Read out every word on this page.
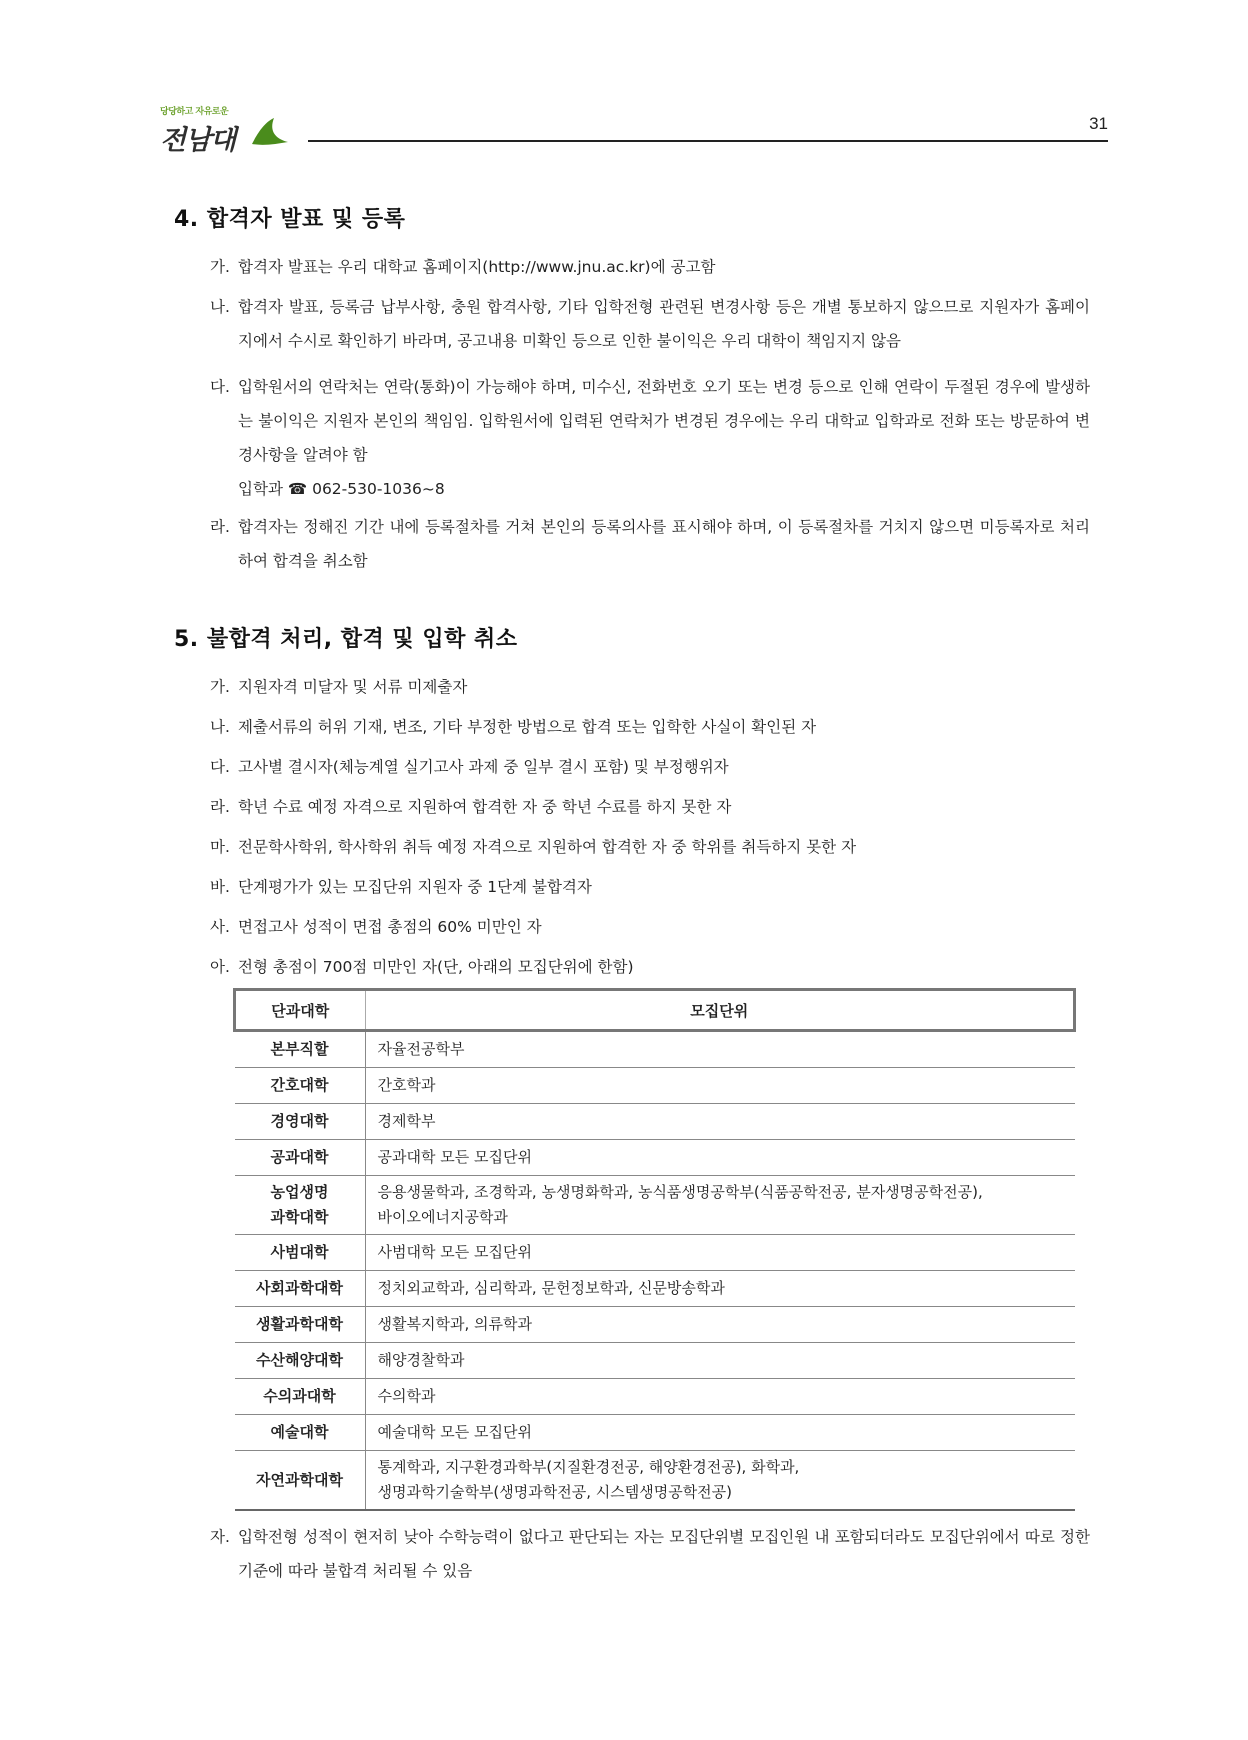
당당하고 자유로운
전남대
31
4. 합격자 발표 및 등록
가. 합격자 발표는 우리 대학교 홈페이지(http://www.jnu.ac.kr)에 공고함
나. 합격자 발표, 등록금 납부사항, 충원 합격사항, 기타 입학전형 관련된 변경사항 등은 개별 통보하지 않으므로 지원자가 홈페이지에서 수시로 확인하기 바라며, 공고내용 미확인 등으로 인한 불이익은 우리 대학이 책임지지 않음
다. 입학원서의 연락처는 연락(통화)이 가능해야 하며, 미수신, 전화번호 오기 또는 변경 등으로 인해 연락이 두절된 경우에 발생하는 불이익은 지원자 본인의 책임임. 입학원서에 입력된 연락처가 변경된 경우에는 우리 대학교 입학과로 전화 또는 방문하여 변경사항을 알려야 함
입학과 ☎ 062-530-1036~8
라. 합격자는 정해진 기간 내에 등록절차를 거쳐 본인의 등록의사를 표시해야 하며, 이 등록절차를 거치지 않으면 미등록자로 처리하여 합격을 취소함
5. 불합격 처리, 합격 및 입학 취소
가. 지원자격 미달자 및 서류 미제출자
나. 제출서류의 허위 기재, 변조, 기타 부정한 방법으로 합격 또는 입학한 사실이 확인된 자
다. 고사별 결시자(체능계열 실기고사 과제 중 일부 결시 포함) 및 부정행위자
라. 학년 수료 예정 자격으로 지원하여 합격한 자 중 학년 수료를 하지 못한 자
마. 전문학사학위, 학사학위 취득 예정 자격으로 지원하여 합격한 자 중 학위를 취득하지 못한 자
바. 단계평가가 있는 모집단위 지원자 중 1단계 불합격자
사. 면접고사 성적이 면접 총점의 60% 미만인 자
아. 전형 총점이 700점 미만인 자(단, 아래의 모집단위에 한함)
단과대학	모집단위
본부직할	자율전공학부
간호대학	간호학과
경영대학	경제학부
공과대학	공과대학 모든 모집단위
농업생명
과학대학	응용생물학과, 조경학과, 농생명화학과, 농식품생명공학부(식품공학전공, 분자생명공학전공),
바이오에너지공학과
사범대학	사범대학 모든 모집단위
사회과학대학	정치외교학과, 심리학과, 문헌정보학과, 신문방송학과
생활과학대학	생활복지학과, 의류학과
수산해양대학	해양경찰학과
수의과대학	수의학과
예술대학	예술대학 모든 모집단위
자연과학대학	통계학과, 지구환경과학부(지질환경전공, 해양환경전공), 화학과,
생명과학기술학부(생명과학전공, 시스템생명공학전공)
자. 입학전형 성적이 현저히 낮아 수학능력이 없다고 판단되는 자는 모집단위별 모집인원 내 포함되더라도 모집단위에서 따로 정한 기준에 따라 불합격 처리될 수 있음
